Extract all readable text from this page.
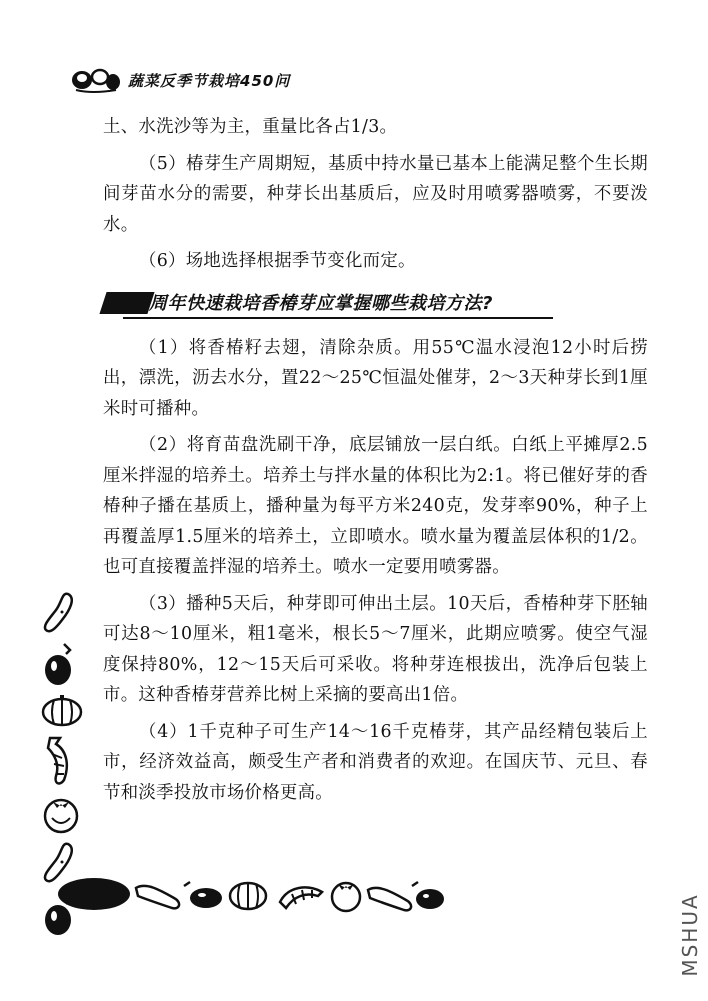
蔬菜反季节栽培450问

土、水洗沙等为主，重量比各占1/3。

（5）椿芽生产周期短，基质中持水量已基本上能满足整个生长期间芽苗水分的需要，种芽长出基质后，应及时用喷雾器喷雾，不要泼水。

（6）场地选择根据季节变化而定。

周年快速栽培香椿芽应掌握哪些栽培方法?

（1）将香椿籽去翅，清除杂质。用55℃温水浸泡12小时后捞出，漂洗，沥去水分，置22～25℃恒温处催芽，2～3天种芽长到1厘米时可播种。

（2）将育苗盘洗刷干净，底层铺放一层白纸。白纸上平摊厚2.5厘米拌湿的培养土。培养土与拌水量的体积比为2:1。将已催好芽的香椿种子播在基质上，播种量为每平方米240克，发芽率90%，种子上再覆盖厚1.5厘米的培养土，立即喷水。喷水量为覆盖层体积的1/2。也可直接覆盖拌湿的培养土。喷水一定要用喷雾器。

（3）播种5天后，种芽即可伸出土层。10天后，香椿种芽下胚轴可达8～10厘米，粗1毫米，根长5～7厘米，此期应喷雾。使空气湿度保持80%，12～15天后可采收。将种芽连根拔出，洗净后包装上市。这种香椿芽营养比树上采摘的要高出1倍。

（4）1千克种子可生产14～16千克椿芽，其产品经精包装后上市，经济效益高，颇受生产者和消费者的欢迎。在国庆节、元旦、春节和淡季投放市场价格更高。

MSHUA
